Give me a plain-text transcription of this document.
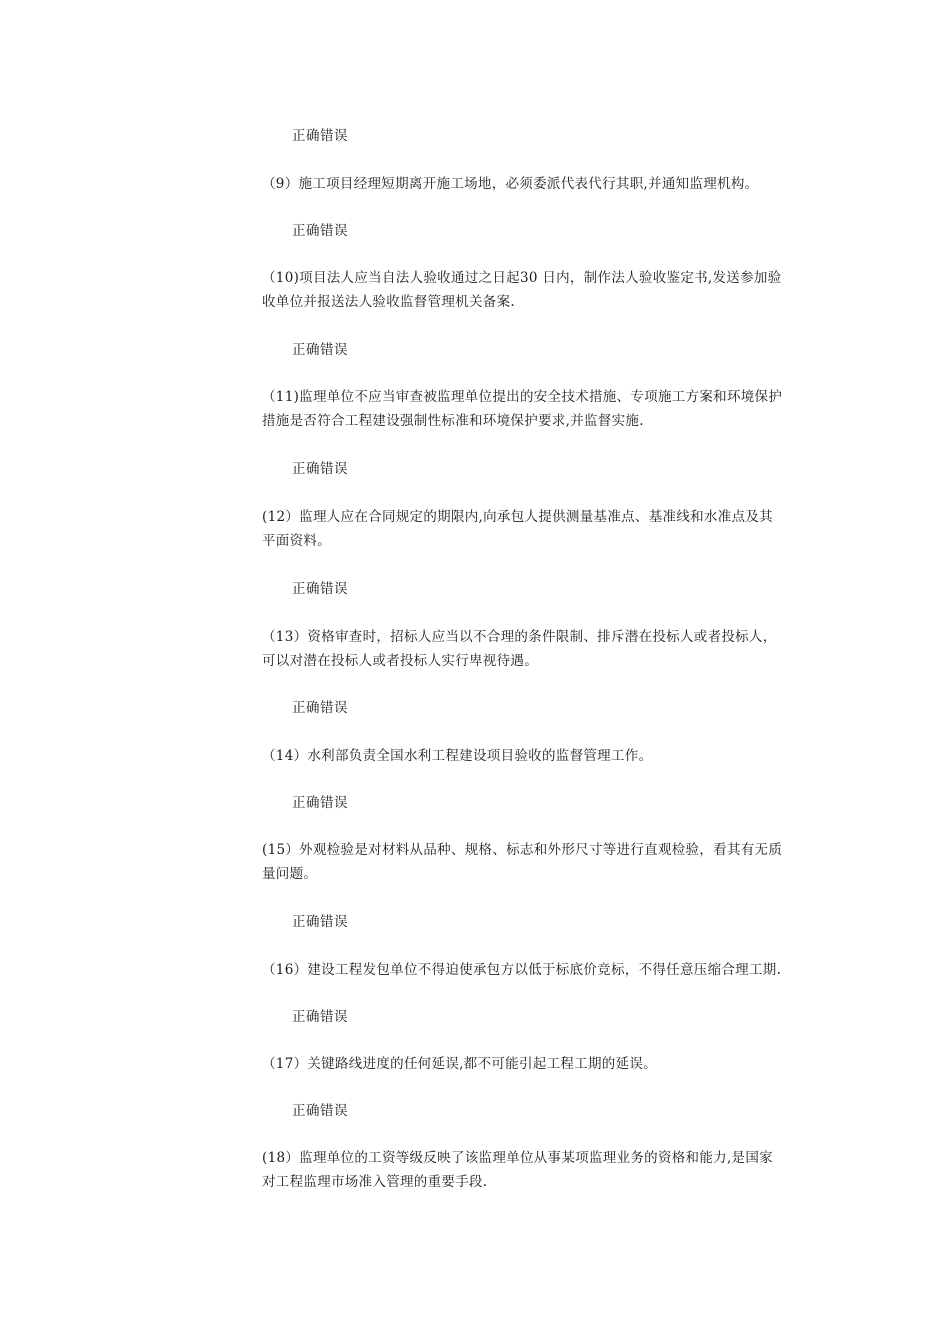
正确错误
（9）施工项目经理短期离开施工场地，必须委派代表代行其职,并通知监理机构。
正确错误
（10)项目法人应当自法人验收通过之日起30 日内，制作法人验收鉴定书,发送参加验
收单位并报送法人验收监督管理机关备案.
正确错误
（11)监理单位不应当审查被监理单位提出的安全技术措施、专项施工方案和环境保护
措施是否符合工程建设强制性标准和环境保护要求,并监督实施.
正确错误
(12）监理人应在合同规定的期限内,向承包人提供测量基准点、基准线和水准点及其
平面资料。
正确错误
（13）资格审查时，招标人应当以不合理的条件限制、排斥潜在投标人或者投标人，
可以对潜在投标人或者投标人实行卑视待遇。
正确错误
（14）水利部负责全国水利工程建设项目验收的监督管理工作。
正确错误
(15）外观检验是对材料从品种、规格、标志和外形尺寸等进行直观检验，看其有无质
量问题。
正确错误
（16）建设工程发包单位不得迫使承包方以低于标底价竞标，不得任意压缩合理工期.
正确错误
（17）关键路线进度的任何延误,都不可能引起工程工期的延误。
正确错误
(18）监理单位的工资等级反映了该监理单位从事某项监理业务的资格和能力,是国家
对工程监理市场准入管理的重要手段.
